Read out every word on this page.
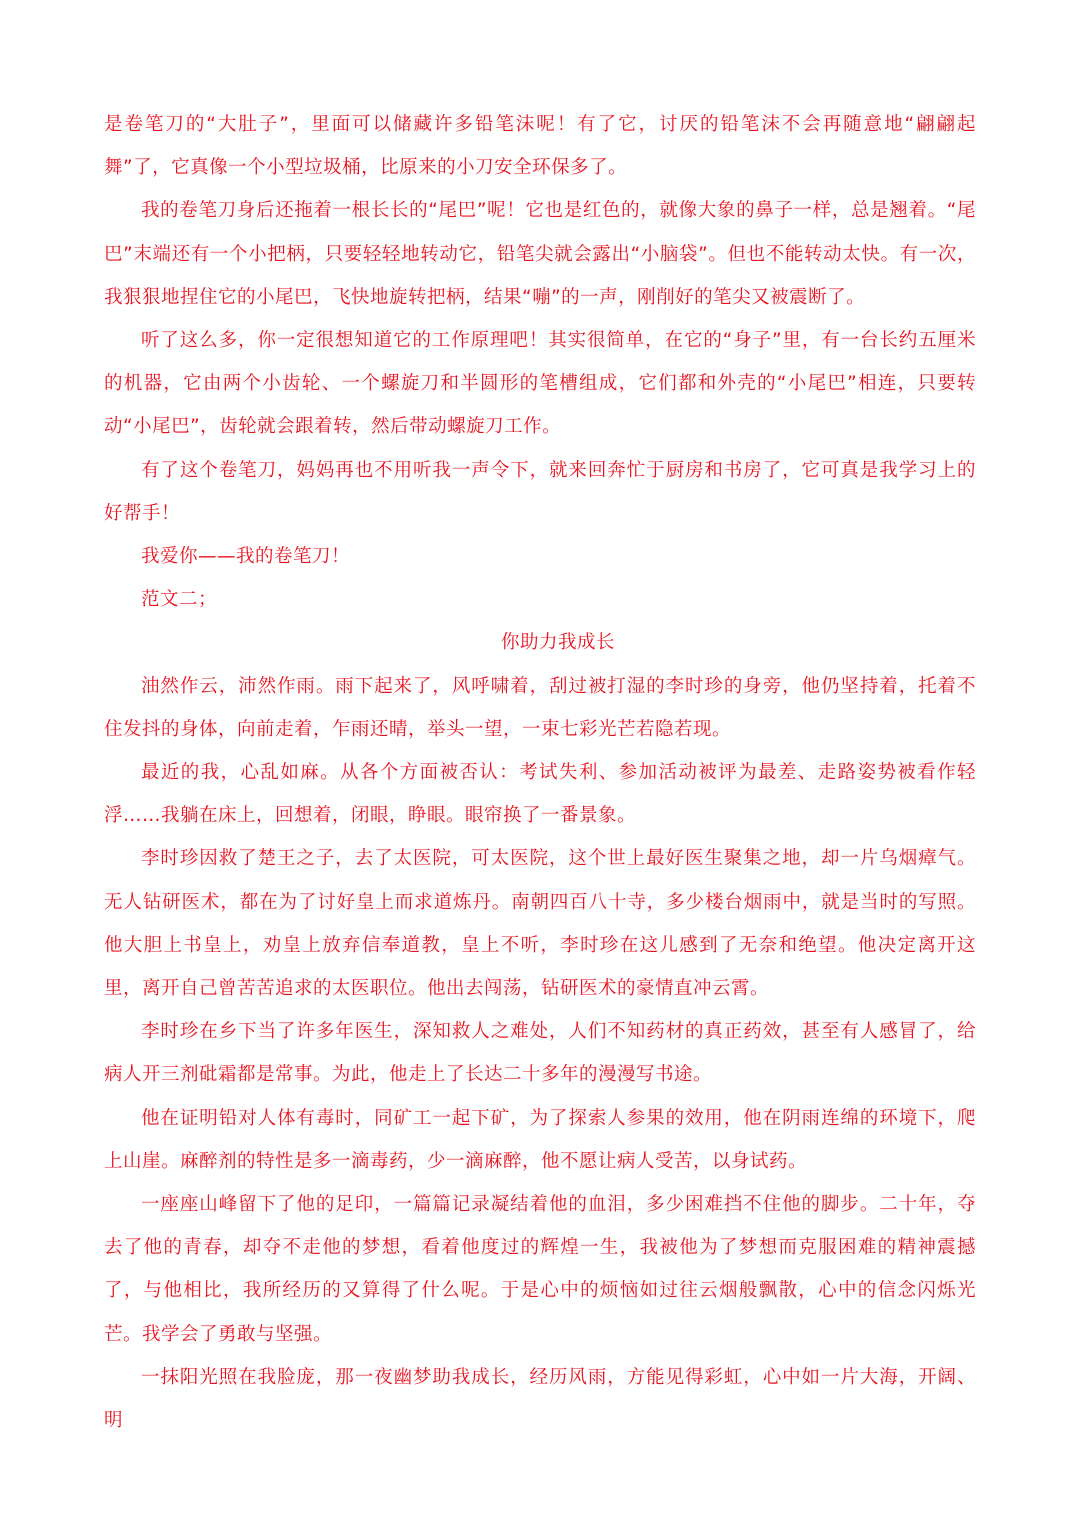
是卷笔刀的“大肚子”，里面可以储藏许多铅笔沫呢！有了它，讨厌的铅笔沫不会再随意地“翩翩起舞”了，它真像一个小型垃圾桶，比原来的小刀安全环保多了。

我的卷笔刀身后还拖着一根长长的“尾巴”呢！它也是红色的，就像大象的鼻子一样，总是翘着。“尾巴”末端还有一个小把柄，只要轻轻地转动它，铅笔尖就会露出“小脑袋”。但也不能转动太快。有一次，我狠狠地捏住它的小尾巴，飞快地旋转把柄，结果“嘣”的一声，刚削好的笔尖又被震断了。

听了这么多，你一定很想知道它的工作原理吧！其实很简单，在它的“身子”里，有一台长约五厘米的机器，它由两个小齿轮、一个螺旋刀和半圆形的笔槽组成，它们都和外壳的“小尾巴”相连，只要转动“小尾巴”，齿轮就会跟着转，然后带动螺旋刀工作。

有了这个卷笔刀，妈妈再也不用听我一声令下，就来回奔忙于厨房和书房了，它可真是我学习上的好帮手！

我爱你——我的卷笔刀！

范文二；

你助力我成长

油然作云，沛然作雨。雨下起来了，风呼啸着，刮过被打湿的李时珍的身旁，他仍坚持着，托着不住发抖的身体，向前走着，乍雨还晴，举头一望，一束七彩光芒若隐若现。

最近的我，心乱如麻。从各个方面被否认：考试失利、参加活动被评为最差、走路姿势被看作轻浮……我躺在床上，回想着，闭眼，睁眼。眼帘换了一番景象。

李时珍因救了楚王之子，去了太医院，可太医院，这个世上最好医生聚集之地，却一片乌烟瘴气。无人钻研医术，都在为了讨好皇上而求道炼丹。南朝四百八十寺，多少楼台烟雨中，就是当时的写照。他大胆上书皇上，劝皇上放弃信奉道教，皇上不听，李时珍在这儿感到了无奈和绝望。他决定离开这里，离开自己曾苦苦追求的太医职位。他出去闯荡，钻研医术的豪情直冲云霄。

李时珍在乡下当了许多年医生，深知救人之难处，人们不知药材的真正药效，甚至有人感冒了，给病人开三剂砒霜都是常事。为此，他走上了长达二十多年的漫漫写书途。

他在证明铅对人体有毒时，同矿工一起下矿，为了探索人参果的效用，他在阴雨连绵的环境下，爬上山崖。麻醉剂的特性是多一滴毒药，少一滴麻醉，他不愿让病人受苦，以身试药。

一座座山峰留下了他的足印，一篇篇记录凝结着他的血泪，多少困难挡不住他的脚步。二十年，夺去了他的青春，却夺不走他的梦想，看着他度过的辉煌一生，我被他为了梦想而克服困难的精神震撼了，与他相比，我所经历的又算得了什么呢。于是心中的烦恼如过往云烟般飘散，心中的信念闪烁光芒。我学会了勇敢与坚强。

一抹阳光照在我脸庞，那一夜幽梦助我成长，经历风雨，方能见得彩虹，心中如一片大海，开阔、明
